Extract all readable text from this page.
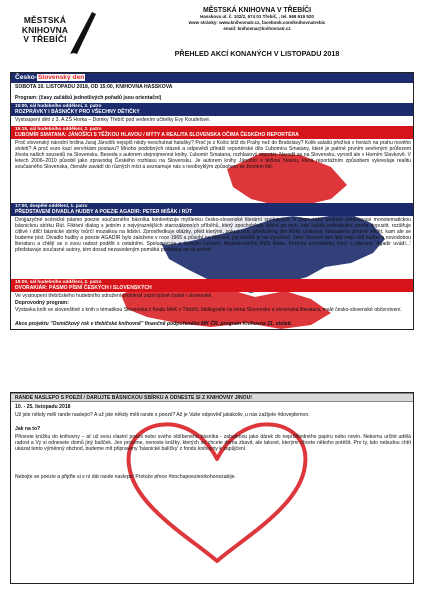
MĚSTSKÁ
KNIHOVNA
V TŘEBÍČI
MĚSTSKÁ KNIHOVNA V TŘEBÍČI
Hasskova ul. č. 102/2, 674 01 Třebíč, , tel. 568 619 520
www stránky: www.knihovnatr.cz, facebook.com/knihovnatrebic
email: knihovna@knihovnatr.cz
PŘEHLED AKCÍ KONANÝCH V LISTOPADU 2018
Česko-Slovenský den
SOBOTA 10. LISTOPADU 2018, OD 15:00, KNIHOVNA HASSKOVA
Program: (časy začátků jednotlivých pořadů jsou orientační)
15:00, sál hudebního oddělení, 2. patro
ROZPRÁVKY I BÁSNIČKY PRO VŠECHNY DĚTIČKY
Vystoupení dětí z 3. A ZŠ Horka – Domky Třebíč pod vedením učitelky Evy Koudelové.
15:15, sál hudebního oddělení, 2. patro
ĽUBOMÍR SMATANA: JÁNOŠÍCI S TĚŽKOU HLAVOU / MÝTY A REALITA SLOVENSKA OČIMA ČESKÉHO REPORTÉRA
Proč slovenský národní hrdina Juraj Jánošík nejspíš nikdy neochutnal halušky? Proč je z Košic blíž do Prahy než do Bratislavy? Kolik salašů přežívá v horách na prahu nového století? A proč euro kazí servírkám postavu? Mnoho podobných otázek a odpovědí přináší reportérské dílo Ľubomíra Smatany, které je patrně prvním sevřeným průřezem života našich sousedů na Slovensku. Beseda s autorem stejnojmenné knihy. Ľubomír Smatana, rozhlasový reportér. Narodil se na Slovensku, vyrostl ale v Horním Slavkově. V letech 2006–2010 působil jako zpravodaj Českého rozhlasu na Slovensku. Je autorem knihy Jánošíci s těžkou hlavou, která reportážním způsobem vykresluje realitu současného Slovenska, čtenáře zavádí do různých míst a seznamuje nás s neobvyklým způsobem se životem lidí.
17:00, dospělé oddělení, 1. patro
PŘEDSTAVENÍ DIVADLA HUDBY A POEZIE AGADIR: PETER MIŠÁK / RÚT
Dvojjazyčné scénické pásmo poezie současného básníka konkretizuje myšlenku česko-slovenské literární spolupráce. V dramaticky podobě představuje monotematickou básnickou sbírku Rút. Fiktivní dialog s jedním z nejvýraznějších starozákonních příběhů, který zpochybňuje lidství po nich, kde každá individuální mohla dopustit, rozšiřuje citlivé i dílčí básnické sbírky tvůrčí mozaikou na lidství. Zprostředkuje otázky, před kterými, pokud jsou předloženy, lze těžko uniknout. Nebudeme přesně vědět, kam ale se budeme píst. Divadlo hudby a poezie AGADIR bylo založeno v roce 1965 a působí na Moravě, její těžiště je na Vysočině. Jeho členové tam lidé mají rádi hudbu a novodobou literaturu a chtějí se o svou radost podělit s ostatními. Spolupracuje s českým centrem Mezinárodního PEN klubu. Formou scénického čtení s názvem 'Agadir uvádí...' představuje současné autory, tém dosud nezavedeným pomáhá prokládat se na scéně.
18:00, sál hudebního oddělení, 2. patro
DVORAKIÁR: PÁSMO PÍSNÍ ČESKÝCH I SLOVENSKÝCH
Ve vystoupení třebíčského hudebního sdružení tentokrát zazní písně české i slovenské.
Doprovodný program:
Výstavka knih ve slovenštině s knih s tématikou Slovenska z fondu MěK v Třebíči, bibliografie na téma Slovensko a slovenská literatura, malé česko-slovenské občerstvení.
Akce projektu "Osmičkový rok v třebíčské knihovně" finančně podpořeného MK ČR, program Knihovna 21. století.
RANDE NASLEPO S POEZIÍ / DARUJTE BÁSNICKOU SBÍRKU A ODNESTE SI Z KNIHOVNY JINOU!
10. - 25. listopadu 2018
Už jste někdy měli rande naslepo? A už jste někdy měli rande s poezií? Až je Vaše odpověď jakákoliv, u nás zažijete #dovejdemon.
Jak na to?
Přineste knížku do knihovny – ať už svou vlastní poezii nebo svého oblíbeného básníka - zabalenou jako dárek do neprůhledného papíru nebo novin. Nekomu určité udělá radost a Vy si odnesete domů jiný balíček. Jen prosíme, nenoste knížky, kterých se chcete doma zbavit, ale takové, kterými chcete někoho potěšit. Pro ty, kdo nebudou chtít ukázat tento výměnný obchod, budeme mít připraveny 'básnické balíčky' z fondu knihovny k zapůjčení.
Nebojte se poezie a přijďte si s ní dát rande naslepo! Protože přece #trochapoezienikohonezabije.
